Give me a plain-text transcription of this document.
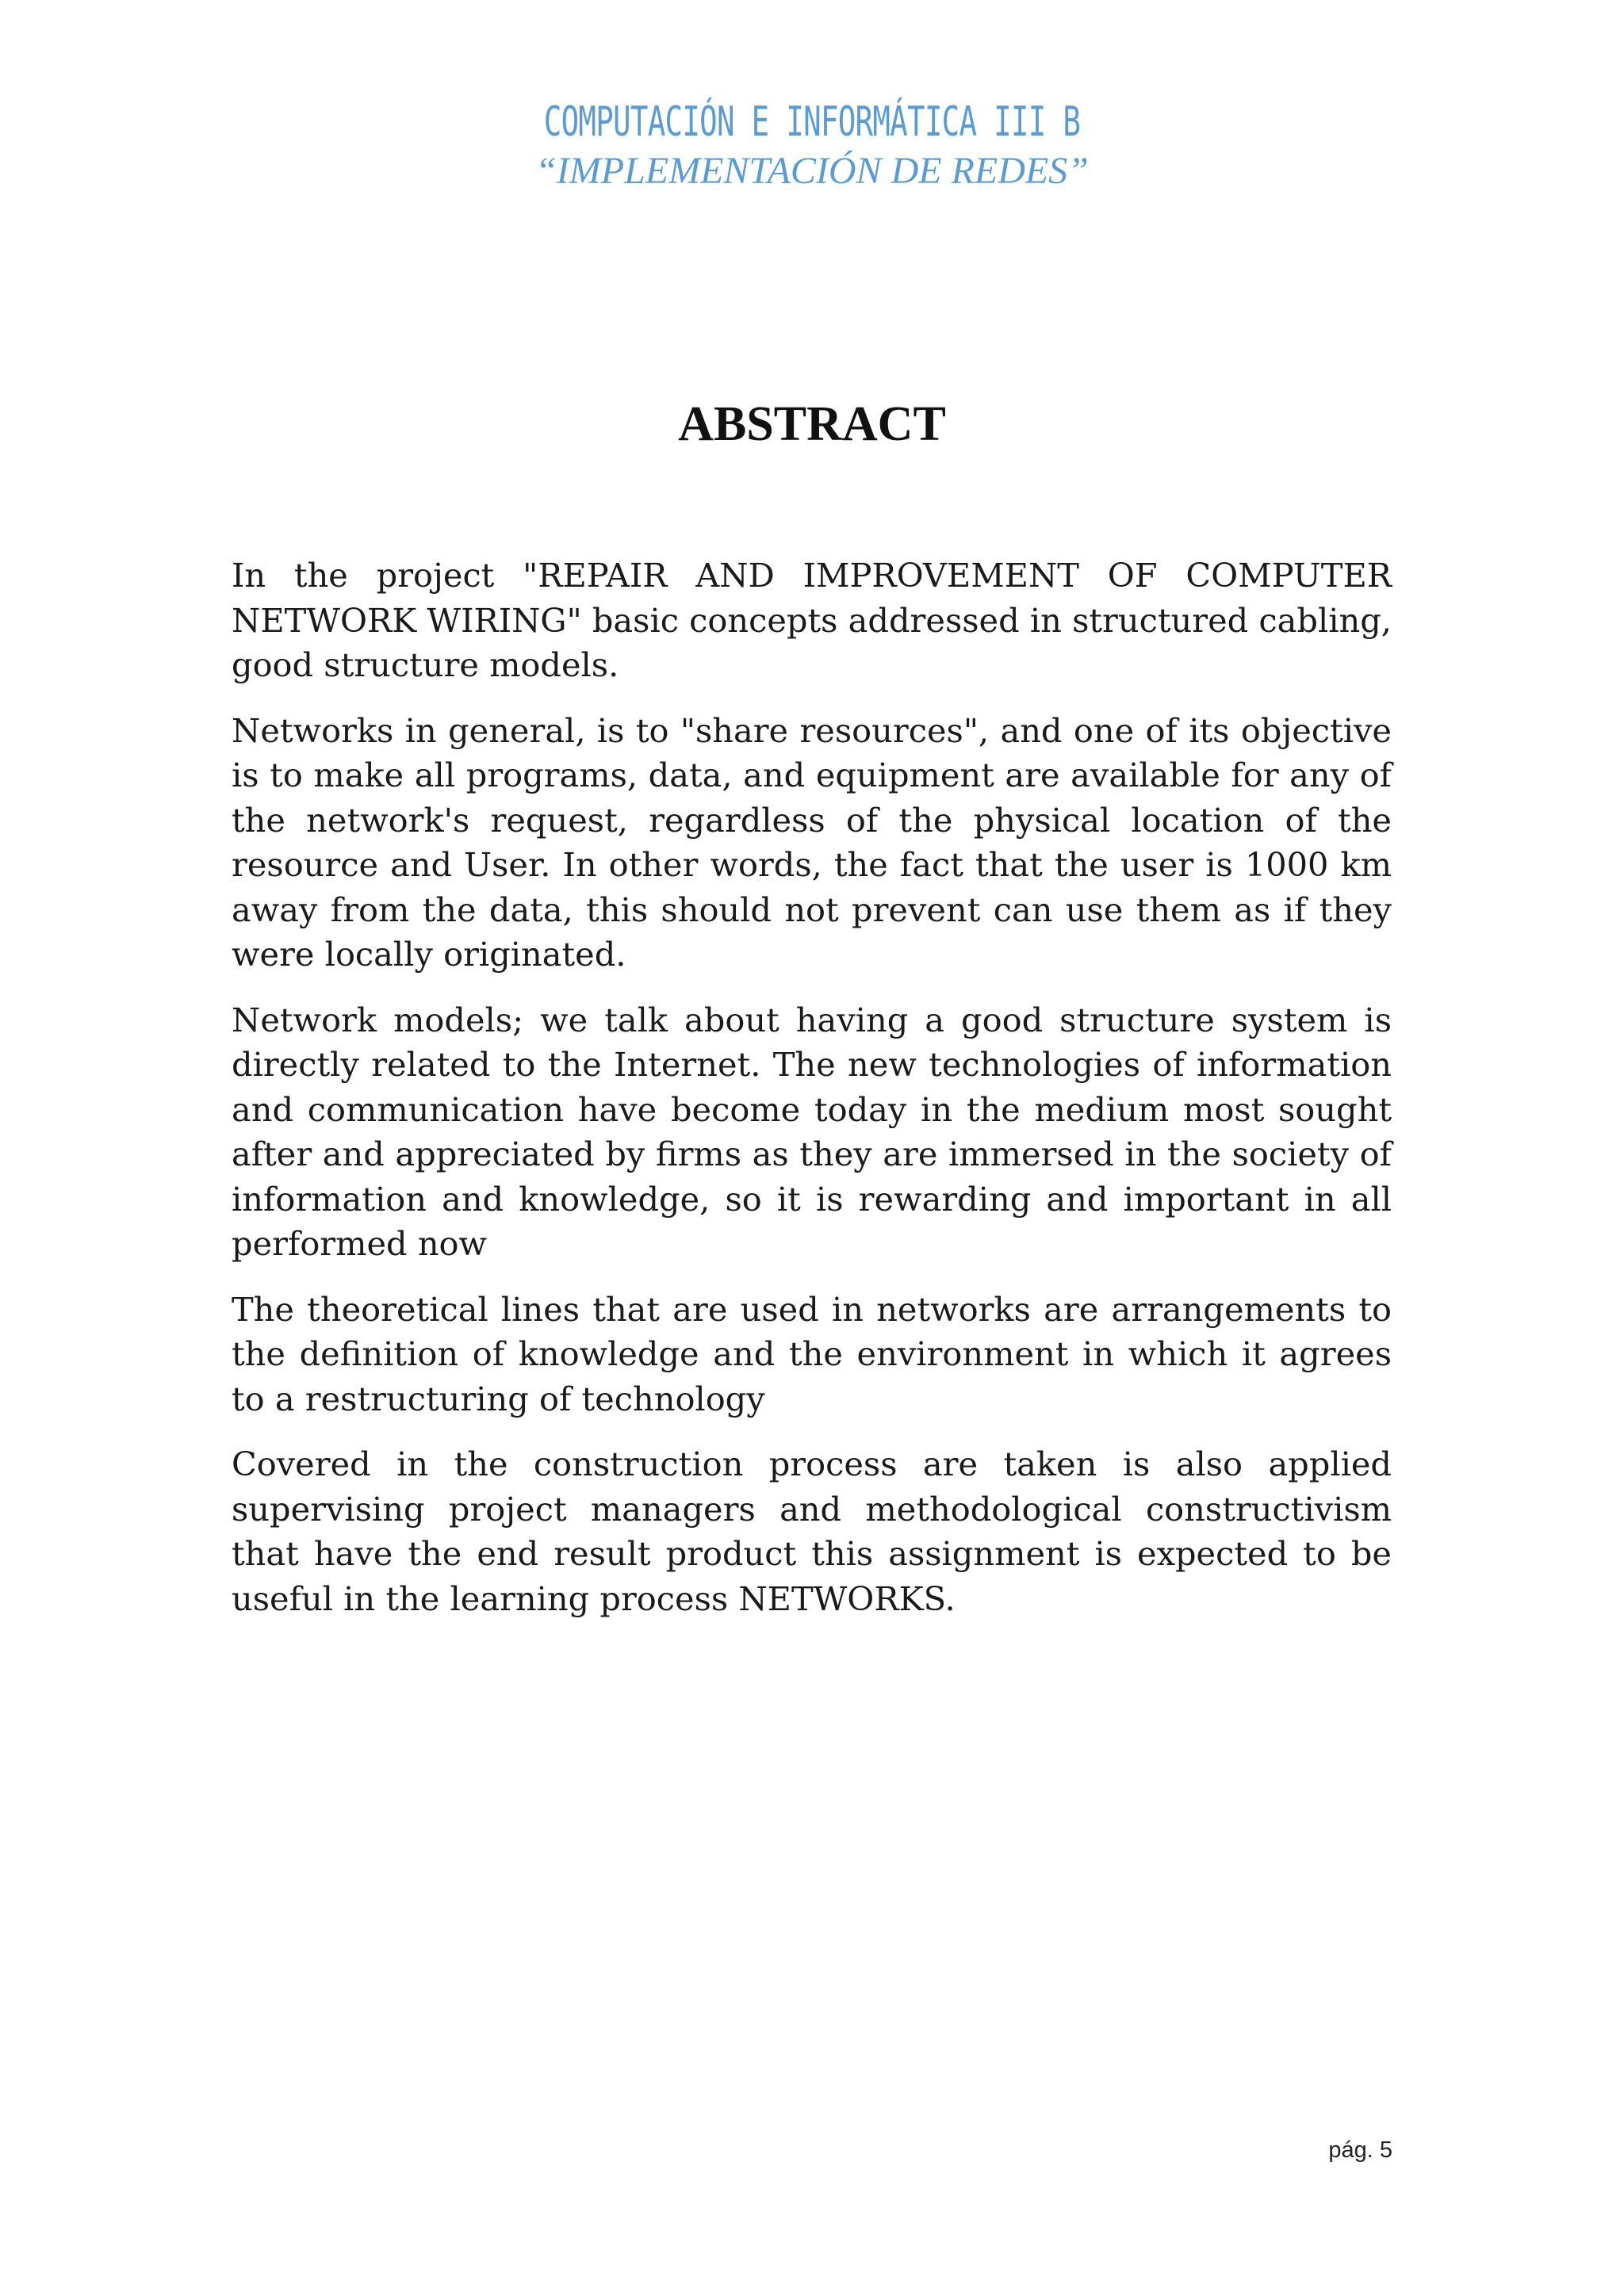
COMPUTACIÓN E INFORMÁTICA III B
“IMPLEMENTACIÓN DE REDES”
ABSTRACT

In the project "REPAIR AND IMPROVEMENT OF COMPUTER NETWORK WIRING" basic concepts addressed in structured cabling, good structure models.

Networks in general, is to "share resources", and one of its objective is to make all programs, data, and equipment are available for any of the network's request, regardless of the physical location of the resource and User. In other words, the fact that the user is 1000 km away from the data, this should not prevent can use them as if they were locally originated.

Network models; we talk about having a good structure system is directly related to the Internet. The new technologies of information and communication have become today in the medium most sought after and appreciated by firms as they are immersed in the society of information and knowledge, so it is rewarding and important in all performed now

The theoretical lines that are used in networks are arrangements to the definition of knowledge and the environment in which it agrees to a restructuring of technology

Covered in the construction process are taken is also applied supervising project managers and methodological constructivism that have the end result product this assignment is expected to be useful in the learning process NETWORKS.

pág. 5
